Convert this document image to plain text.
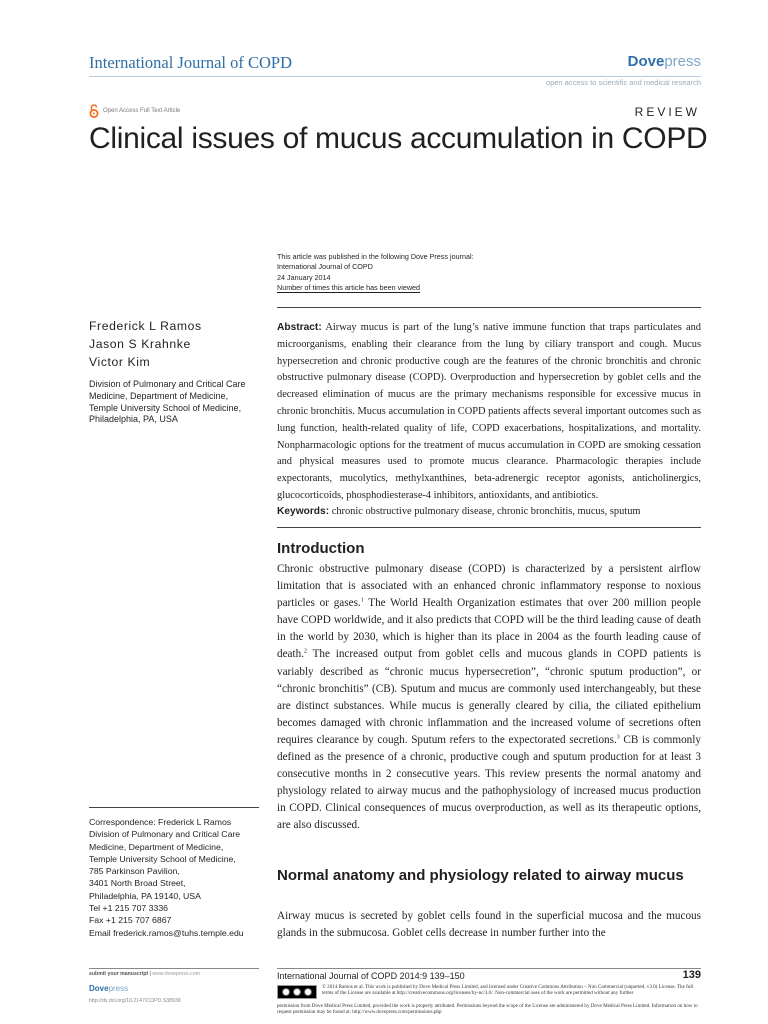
International Journal of COPD	Dovepress
open access to scientific and medical research
Open Access Full Text Article	REVIEW
Clinical issues of mucus accumulation in COPD
This article was published in the following Dove Press journal:
International Journal of COPD
24 January 2014
Number of times this article has been viewed
Frederick L Ramos
Jason S Krahnke
Victor Kim
Division of Pulmonary and Critical Care Medicine, Department of Medicine, Temple University School of Medicine, Philadelphia, PA, USA
Abstract: Airway mucus is part of the lung’s native immune function that traps particulates and microorganisms, enabling their clearance from the lung by ciliary transport and cough. Mucus hypersecretion and chronic productive cough are the features of the chronic bronchitis and chronic obstructive pulmonary disease (COPD). Overproduction and hypersecretion by goblet cells and the decreased elimination of mucus are the primary mechanisms responsible for excessive mucus in chronic bronchitis. Mucus accumulation in COPD patients affects several important outcomes such as lung function, health-related quality of life, COPD exacerbations, hospitalizations, and mortality. Nonpharmacologic options for the treatment of mucus accumulation in COPD are smoking cessation and physical measures used to promote mucus clearance. Pharmacologic therapies include expectorants, mucolytics, methylxanthines, beta-adrenergic receptor agonists, anticholinergics, glucocorticoids, phosphodiesterase-4 inhibitors, antioxidants, and antibiotics.
Keywords: chronic obstructive pulmonary disease, chronic bronchitis, mucus, sputum
Introduction
Chronic obstructive pulmonary disease (COPD) is characterized by a persistent airflow limitation that is associated with an enhanced chronic inflammatory response to noxious particles or gases.$^1$ The World Health Organization estimates that over 200 million people have COPD worldwide, and it also predicts that COPD will be the third leading cause of death in the world by 2030, which is higher than its place in 2004 as the fourth leading cause of death.$^2$ The increased output from goblet cells and mucous glands in COPD patients is variably described as “chronic mucus hypersecretion”, “chronic sputum production”, or “chronic bronchitis” (CB). Sputum and mucus are commonly used interchangeably, but these are distinct substances. While mucus is generally cleared by cilia, the ciliated epithelium becomes damaged with chronic inflammation and the increased volume of secretions often requires clearance by cough. Sputum refers to the expectorated secretions.$^3$ CB is commonly defined as the presence of a chronic, productive cough and sputum production for at least 3 consecutive months in 2 consecutive years. This review presents the normal anatomy and physiology related to airway mucus and the pathophysiology of increased mucus production in COPD. Clinical consequences of mucus overproduction, as well as its therapeutic options, are also discussed.
Normal anatomy and physiology related to airway mucus
Airway mucus is secreted by goblet cells found in the superficial mucosa and the mucous glands in the submucosa. Goblet cells decrease in number further into the
Correspondence: Frederick L Ramos
Division of Pulmonary and Critical Care
Medicine, Department of Medicine,
Temple University School of Medicine,
785 Parkinson Pavilion,
3401 North Broad Street,
Philadelphia, PA 19140, USA
Tel +1 215 707 3336
Fax +1 215 707 6867
Email frederick.ramos@tuhs.temple.edu
submit your manuscript | www.dovepress.com
Dovepress
http://dx.doi.org/10.2147/COPD.S38938
International Journal of COPD 2014:9 139–150	139
© 2014 Ramos et al. This work is published by Dove Medical Press Limited, and licensed under Creative Commons Attribution – Non Commercial (unported, v3.0) License. The full terms of the License are available at http://creativecommons.org/licenses/by-nc/3.0/. Non-commercial uses of the work are permitted without any further
permission from Dove Medical Press Limited, provided the work is properly attributed. Permissions beyond the scope of the License are administered by Dove Medical Press Limited. Information on how to request permission may be found at: http://www.dovepress.com/permissions.php
